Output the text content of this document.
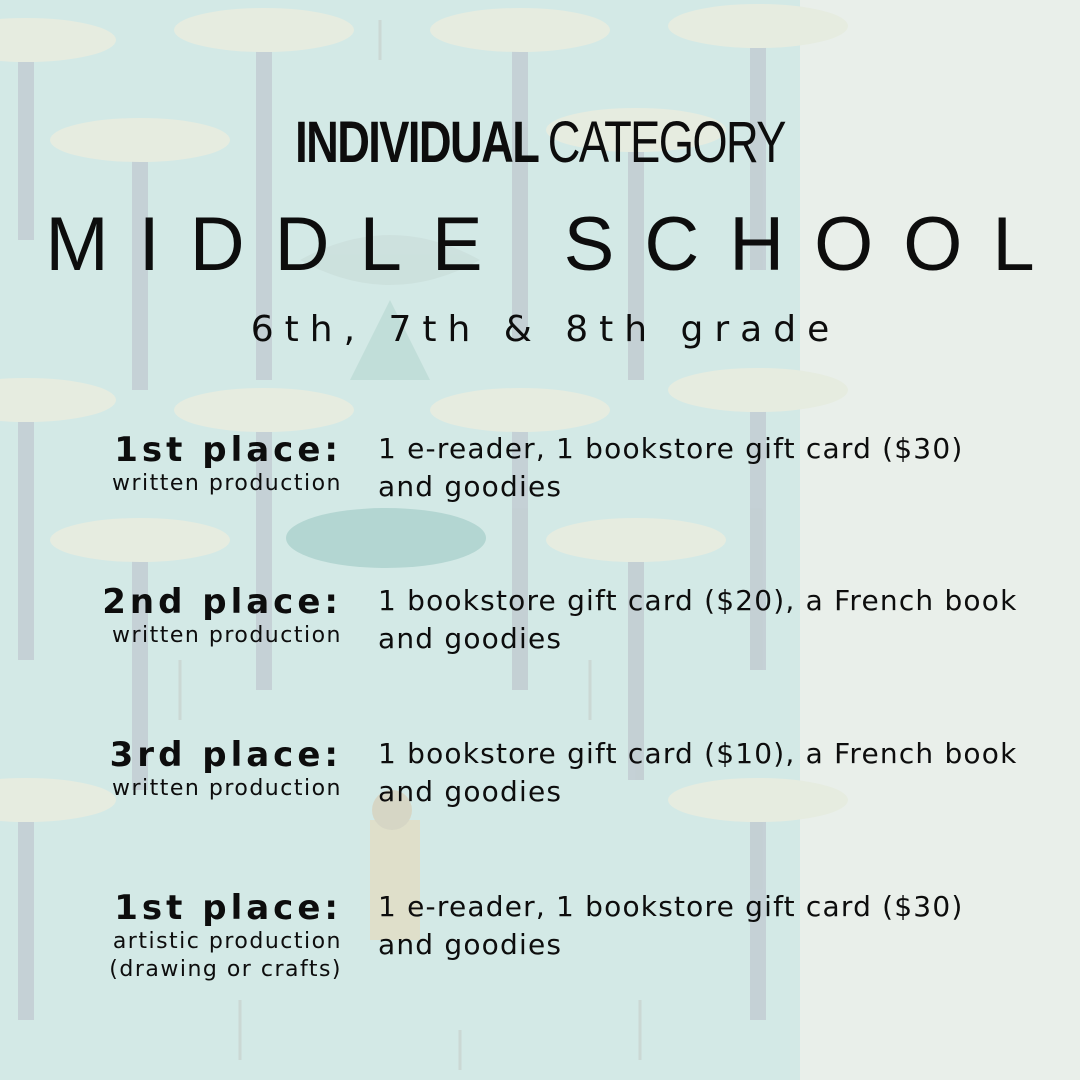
INDIVIDUAL CATEGORY
MIDDLE SCHOOL
6th, 7th & 8th grade
1st place:
written production
1 e-reader, 1 bookstore gift card ($30) and goodies
2nd place:
written production
1 bookstore gift card ($20), a French book and goodies
3rd place:
written production
1 bookstore gift card ($10), a French book and goodies
1st place:
artistic production
(drawing or crafts)
1 e-reader, 1 bookstore gift card ($30) and goodies
